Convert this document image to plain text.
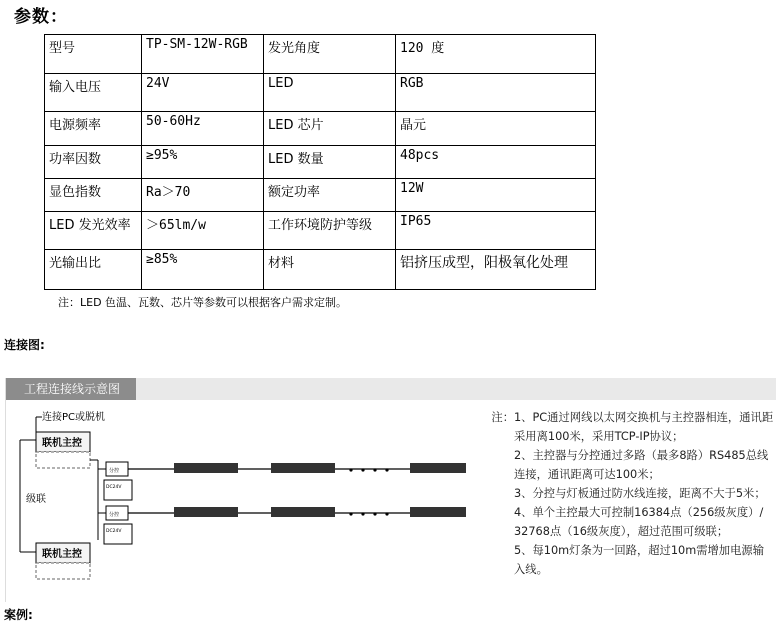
参数：
型号	TP-SM-12W-RGB	发光角度	120 度
输入电压	24V	LED	RGB
电源频率	50-60Hz	LED 芯片	晶元
功率因数	≥95%	LED 数量	48pcs
显色指数	Ra＞70	额定功率	12W
LED 发光效率	＞65lm/w	工作环境防护等级	IP65
光输出比	≥85%	材料	铝挤压成型，阳极氧化处理
注：LED 色温、瓦数、芯片等参数可以根据客户需求定制。
连接图:
工程连接线示意图
连接PC或脱机
联机主控
级联
联机主控
分控
DC24V
分控
DC24V
注： 1、PC通过网线以太网交换机与主控器相连，通讯距采用离100米，采用TCP-IP协议；
2、主控器与分控通过多路（最多8路）RS485总线连接，通讯距离可达100米；
3、分控与灯板通过防水线连接，距离不大于5米；
4、单个主控最大可控制16384点（256级灰度）/ 32768点（16级灰度），超过范围可级联；
5、每10m灯条为一回路，超过10m需增加电源输入线。
案例:
